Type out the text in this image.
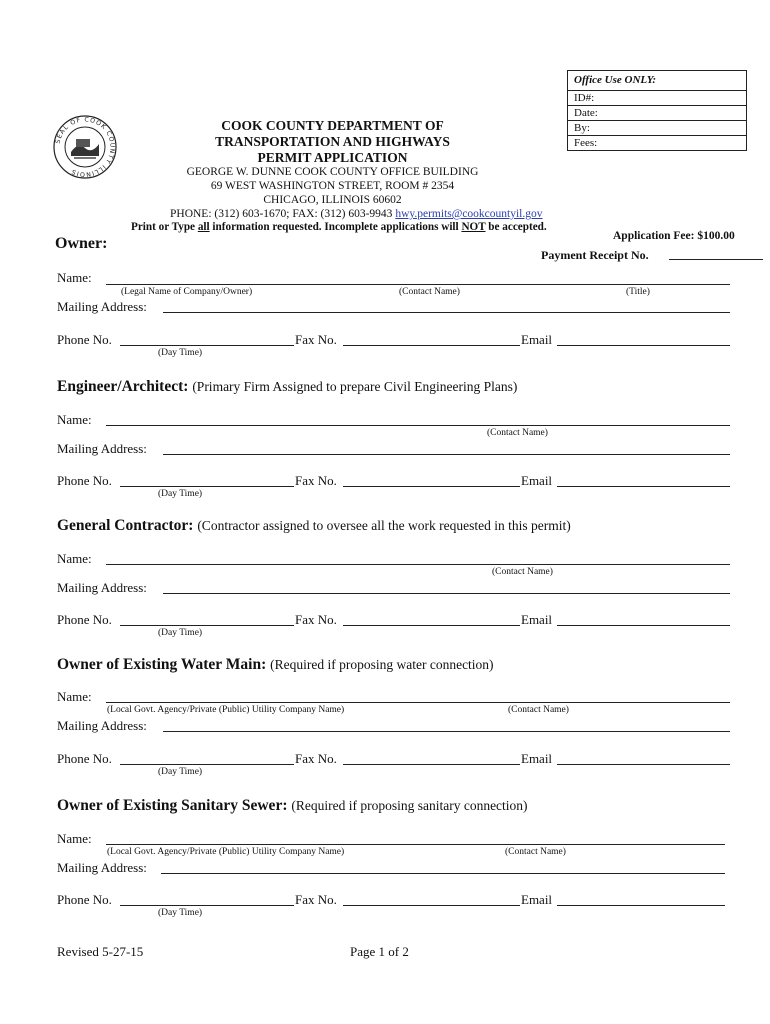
Office Use ONLY:
ID#:
Date:
By:
Fees:
SEAL OF COOK COUNTY ILLINOIS
COOK COUNTY DEPARTMENT OF
TRANSPORTATION AND HIGHWAYS
PERMIT APPLICATION
GEORGE W. DUNNE COOK COUNTY OFFICE BUILDING
69 WEST WASHINGTON STREET, ROOM # 2354
CHICAGO, ILLINOIS 60602
PHONE: (312) 603-1670; FAX: (312) 603-9943 hwy.permits@cookcountyil.gov
Print or Type all information requested. Incomplete applications will NOT be accepted.
Application Fee: $100.00
Payment Receipt No.
Owner:
Name:
(Legal Name of Company/Owner)	(Contact Name)	(Title)
Mailing Address:
Phone No.	Fax No.	Email
(Day Time)
Engineer/Architect: (Primary Firm Assigned to prepare Civil Engineering Plans)
Name:
(Contact Name)
Mailing Address:
Phone No.	Fax No.	Email
(Day Time)
General Contractor: (Contractor assigned to oversee all the work requested in this permit)
Name:
(Contact Name)
Mailing Address:
Phone No.	Fax No.	Email
(Day Time)
Owner of Existing Water Main: (Required if proposing water connection)
Name:
(Local Govt. Agency/Private (Public) Utility Company Name)	(Contact Name)
Mailing Address:
Phone No.	Fax No.	Email
(Day Time)
Owner of Existing Sanitary Sewer: (Required if proposing sanitary connection)
Name:
(Local Govt. Agency/Private (Public) Utility Company Name)	(Contact Name)
Mailing Address:
Phone No.	Fax No.	Email
(Day Time)
Revised 5-27-15	Page 1 of 2
